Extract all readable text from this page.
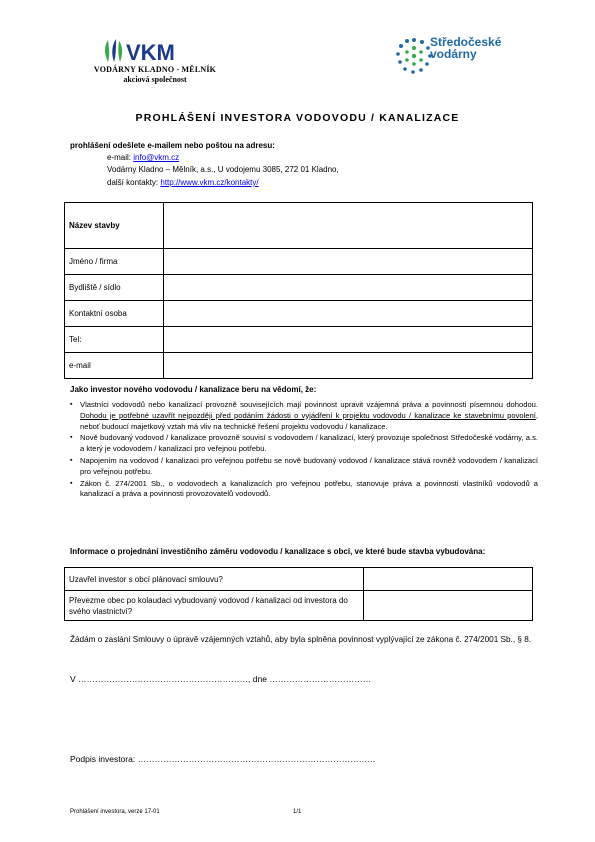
VKM
VODÁRNY KLADNO - MĚLNÍK
akciová společnost
Středočeské
vodárny
PROHLÁŠENÍ INVESTORA VODOVODU / KANALIZACE
prohlášení odešlete e-mailem nebo poštou na adresu:
e-mail: info@vkm.cz
Vodárny Kladno – Mělník, a.s., U vodojemu 3085, 272 01 Kladno,
další kontakty: http://www.vkm.cz/kontakty/
Název stavby	
Jméno / firma	
Bydliště / sídlo	
Kontaktní osoba	
Tel:	
e-mail	
Jako investor nového vodovodu / kanalizace beru na vědomí, že:
▪ Vlastníci vodovodů nebo kanalizací provozně souvisejících mají povinnost upravit vzájemná práva a povinnosti písemnou dohodou. Dohodu je potřebné uzavřít nejpozději před podáním žádosti o vyjádření k projektu vodovodu / kanalizace ke stavebnímu povolení, neboť budoucí majetkový vztah má vliv na technické řešení projektu vodovodu / kanalizace.
▪ Nově budovaný vodovod / kanalizace provozně souvisí s vodovodem / kanalizací, který provozuje společnost Středočeské vodárny, a.s. a který je vodovodem / kanalizací pro veřejnou potřebu.
▪ Napojením na vodovod / kanalizaci pro veřejnou potřebu se nově budovaný vodovod / kanalizace stává rovněž vodovodem / kanalizací pro veřejnou potřebu.
▪ Zákon č. 274/2001 Sb., o vodovodech a kanalizacích pro veřejnou potřebu, stanovuje práva a povinnosti vlastníků vodovodů a kanalizací a práva a povinnosti provozovatelů vodovodů.
Informace o projednání investičního záměru vodovodu / kanalizace s obcí, ve které bude stavba vybudována:
Uzavřel investor s obcí plánovací smlouvu?	
Převezme obec po kolaudaci vybudovaný vodovod / kanalizaci od investora do svého vlastnictví?	
Žádám o zaslání Smlouvy o úpravě vzájemných vztahů, aby byla splněna povinnost vyplývající ze zákona č. 274/2001 Sb., § 8.
V ……………………………………………………, dne ………………………………
Podpis investora: …………………………………………………………………………
Prohlášení investora, verze 17-01	1/1
